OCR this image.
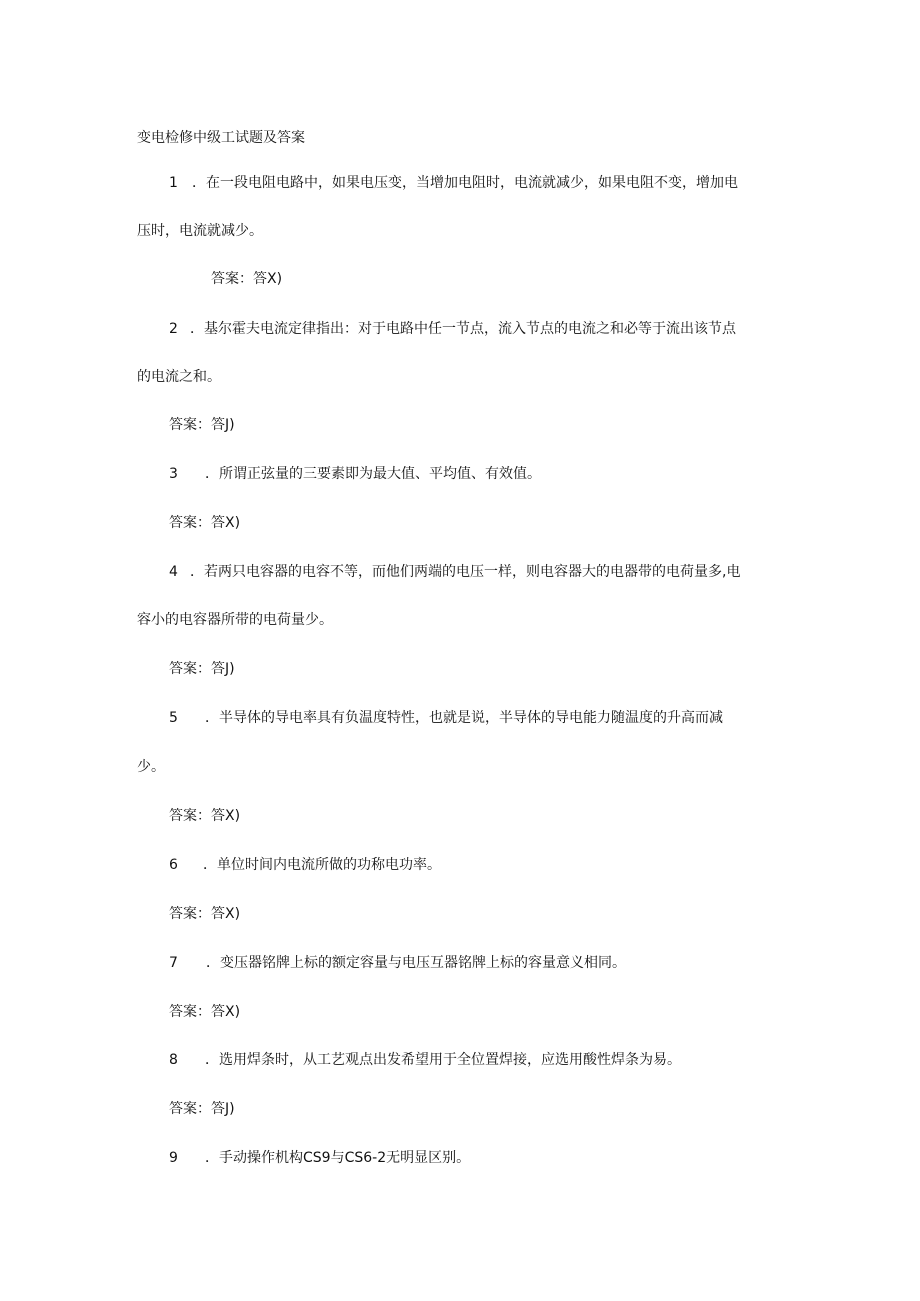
变电检修中级工试题及答案
1 ．在一段电阻电路中，如果电压变，当增加电阻时，电流就减少，如果电阻不变，增加电
压时，电流就减少。
答案：答X)
2 ．基尔霍夫电流定律指出：对于电路中任一节点，流入节点的电流之和必等于流出该节点
的电流之和。
答案：答J)
3 ．所谓正弦量的三要素即为最大值、平均值、有效值。
答案：答X)
4 ．若两只电容器的电容不等，而他们两端的电压一样，则电容器大的电器带的电荷量多,电
容小的电容器所带的电荷量少。
答案：答J)
5 ．半导体的导电率具有负温度特性，也就是说，半导体的导电能力随温度的升高而减
少。
答案：答X)
6 ．单位时间内电流所做的功称电功率。
答案：答X)
7 ．变压器铭牌上标的额定容量与电压互器铭牌上标的容量意义相同。
答案：答X)
8 ．选用焊条时，从工艺观点出发希望用于全位置焊接，应选用酸性焊条为易。
答案：答J)
9 ．手动操作机构CS9与CS6-2无明显区别。
